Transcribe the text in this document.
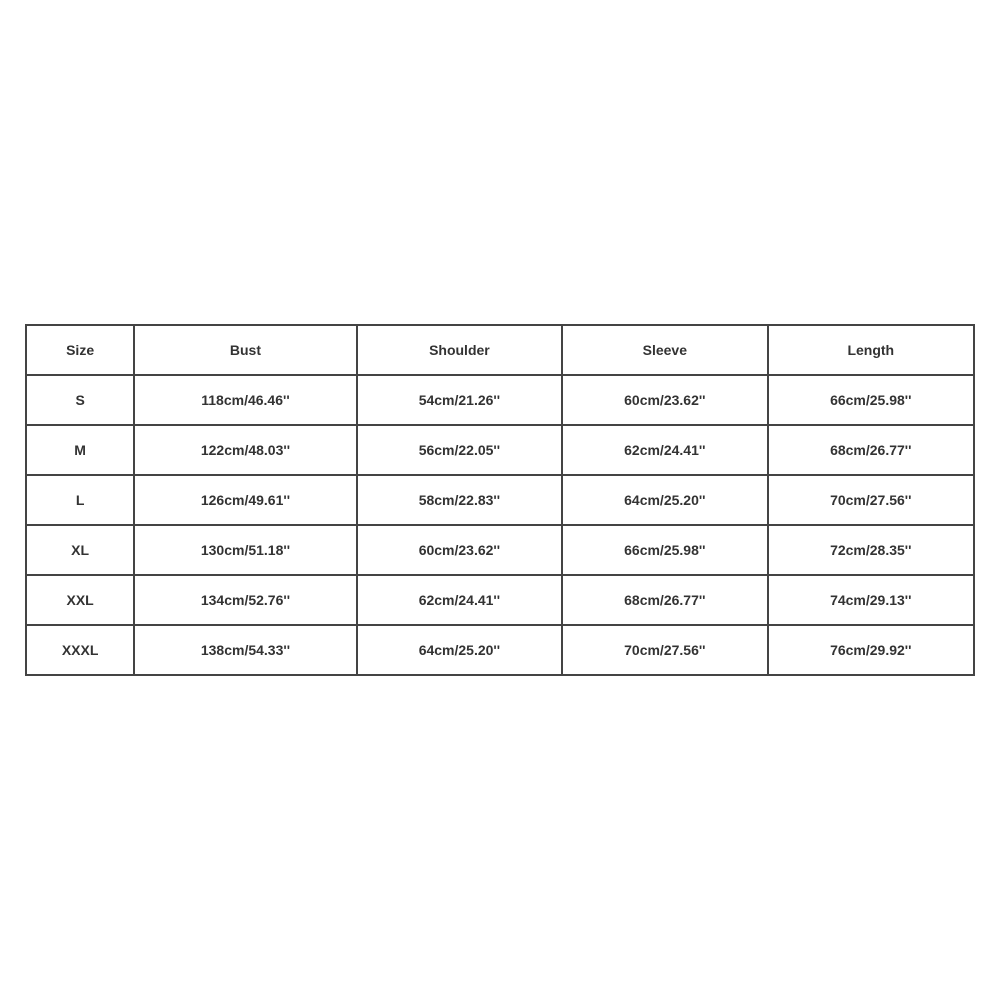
Size	Bust	Shoulder	Sleeve	Length
S	118cm/46.46''	54cm/21.26''	60cm/23.62''	66cm/25.98''
M	122cm/48.03''	56cm/22.05''	62cm/24.41''	68cm/26.77''
L	126cm/49.61''	58cm/22.83''	64cm/25.20''	70cm/27.56''
XL	130cm/51.18''	60cm/23.62''	66cm/25.98''	72cm/28.35''
XXL	134cm/52.76''	62cm/24.41''	68cm/26.77''	74cm/29.13''
XXXL	138cm/54.33''	64cm/25.20''	70cm/27.56''	76cm/29.92''
